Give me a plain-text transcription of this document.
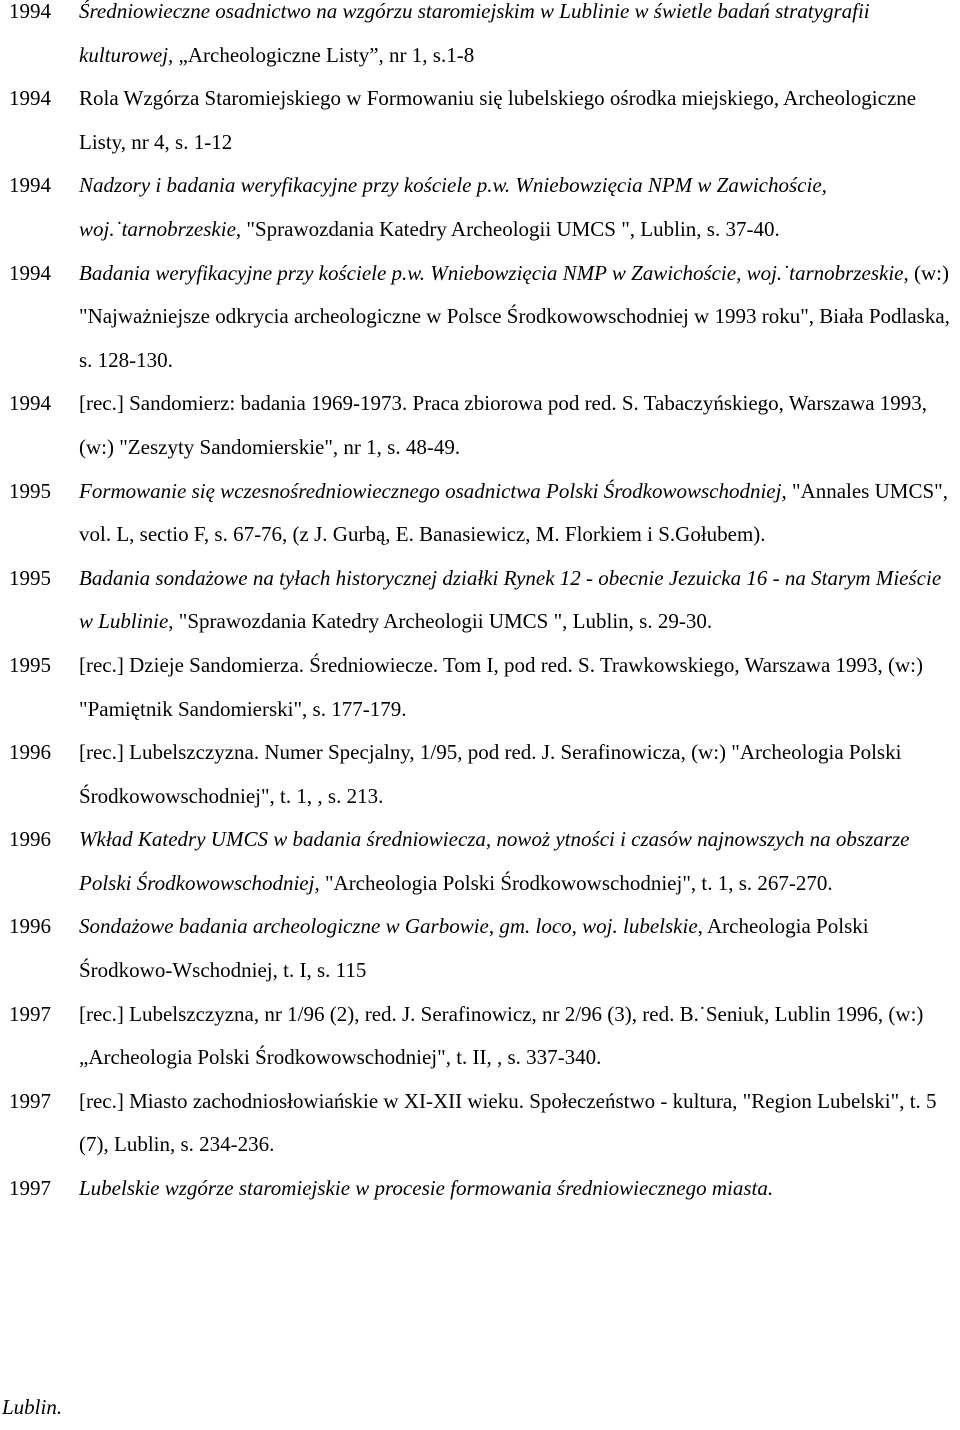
1994 Średniowieczne osadnictwo na wzgórzu staromiejskim w Lublinie w świetle badań stratygrafii kulturowej, „Archeologiczne Listy”, nr 1, s.1-8
1994 Rola Wzgórza Staromiejskiego w Formowaniu się lubelskiego ośrodka miejskiego, Archeologiczne Listy, nr 4, s. 1-12
1994 Nadzory i badania weryfikacyjne przy kościele p.w. Wniebowzięcia NPM w Zawichoście, woj.˙tarnobrzeskie, "Sprawozdania Katedry Archeologii UMCS ", Lublin, s. 37-40.
1994 Badania weryfikacyjne przy kościele p.w. Wniebowzięcia NMP w Zawichoście, woj.˙tarnobrzeskie, (w:) "Najważniejsze odkrycia archeologiczne w Polsce Środkowowschodniej w 1993 roku", Biała Podlaska, s. 128-130.
1994 [rec.] Sandomierz: badania 1969-1973. Praca zbiorowa pod red. S. Tabaczyńskiego, Warszawa 1993, (w:) "Zeszyty Sandomierskie", nr 1, s. 48-49.
1995 Formowanie się wczesnośredniowiecznego osadnictwa Polski Środkowowschodniej, "Annales UMCS", vol. L, sectio F, s. 67-76, (z J. Gurbą, E. Banasiewicz, M. Florkiem i S.Gołubem).
1995 Badania sondażowe na tyłach historycznej działki Rynek 12 - obecnie Jezuicka 16 - na Starym Mieście w Lublinie, "Sprawozdania Katedry Archeologii UMCS ", Lublin, s. 29-30.
1995 [rec.] Dzieje Sandomierza. Średniowiecze. Tom I, pod red. S. Trawkowskiego, Warszawa 1993, (w:) "Pamiętnik Sandomierski", s. 177-179.
1996 [rec.] Lubelszczyzna. Numer Specjalny, 1/95, pod red. J. Serafinowicza, (w:) "Archeologia Polski Środkowowschodniej", t. 1, , s. 213.
1996 Wkład Katedry UMCS w badania średniowiecza, nowoż ytności i czasów najnowszych na obszarze Polski Środkowowschodniej, "Archeologia Polski Środkowowschodniej", t. 1, s. 267-270.
1996 Sondażowe badania archeologiczne w Garbowie, gm. loco, woj. lubelskie, Archeologia Polski Środkowo-Wschodniej, t. I, s. 115
1997 [rec.] Lubelszczyzna, nr 1/96 (2), red. J. Serafinowicz, nr 2/96 (3), red. B.˙Seniuk, Lublin 1996, (w:) „Archeologia Polski Środkowowschodniej", t. II, , s. 337-340.
1997 [rec.] Miasto zachodniosłowiańskie w XI-XII wieku. Społeczeństwo - kultura, "Region Lubelski", t. 5 (7), Lublin, s. 234-236.
1997 Lubelskie wzgórze staromiejskie w procesie formowania średniowiecznego miasta.
Lublin.
